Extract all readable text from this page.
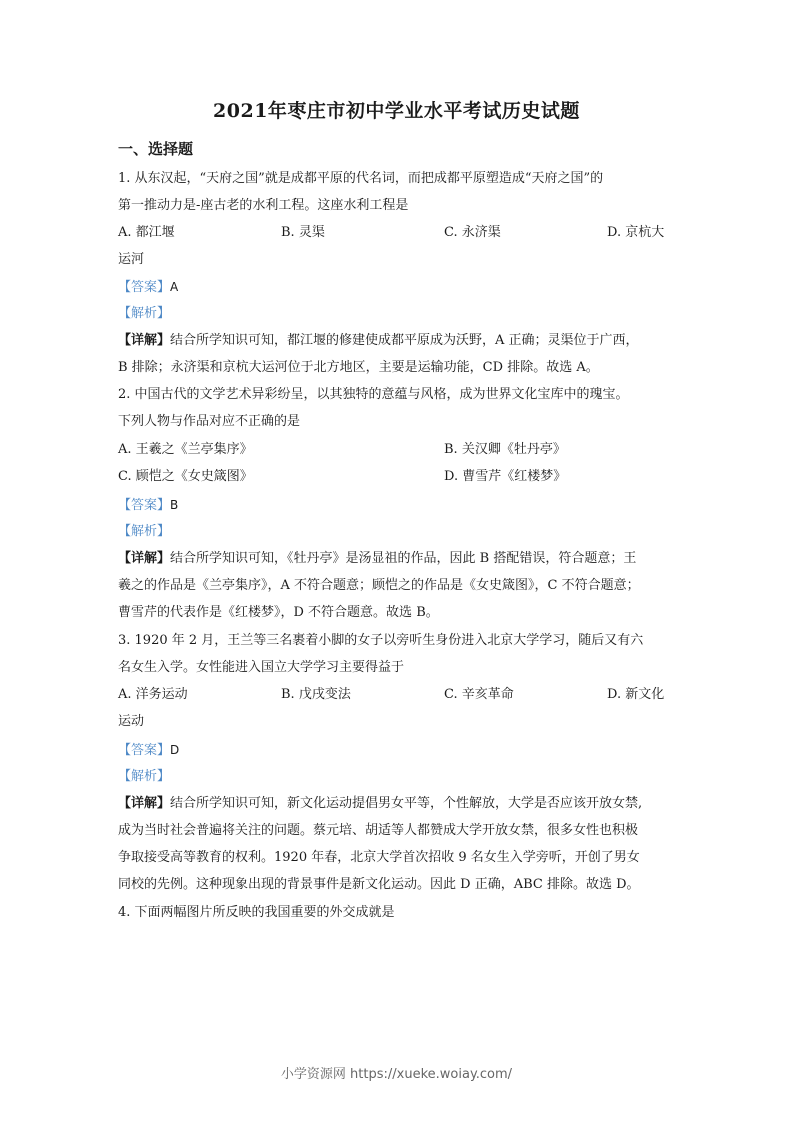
2021年枣庄市初中学业水平考试历史试题
一、选择题
1. 从东汉起，“天府之国”就是成都平原的代名词，而把成都平原塑造成“天府之国”的
第一推动力是-座古老的水利工程。这座水利工程是
A. 都江堰	B. 灵渠	C. 永济渠	D. 京杭大
运河
【答案】A
【解析】
【详解】结合所学知识可知，都江堰的修建使成都平原成为沃野，A 正确；灵渠位于广西，
B 排除；永济渠和京杭大运河位于北方地区，主要是运输功能，CD 排除。故选 A。
2. 中国古代的文学艺术异彩纷呈，以其独特的意蕴与风格，成为世界文化宝库中的瑰宝。
下列人物与作品对应不正确的是
A. 王羲之《兰亭集序》	B. 关汉卿《牡丹亭》
C. 顾恺之《女史箴图》	D. 曹雪芹《红楼梦》
【答案】B
【解析】
【详解】结合所学知识可知，《牡丹亭》是汤显祖的作品，因此 B 搭配错误，符合题意；王
羲之的作品是《兰亭集序》，A 不符合题意；顾恺之的作品是《女史箴图》，C 不符合题意；
曹雪芹的代表作是《红楼梦》，D 不符合题意。故选 B。
3. 1920 年 2 月，王兰等三名裹着小脚的女子以旁听生身份进入北京大学学习，随后又有六
名女生入学。女性能进入国立大学学习主要得益于
A. 洋务运动	B. 戊戌变法	C. 辛亥革命	D. 新文化
运动
【答案】D
【解析】
【详解】结合所学知识可知，新文化运动提倡男女平等，个性解放，大学是否应该开放女禁,
成为当时社会普遍将关注的问题。蔡元培、胡适等人都赞成大学开放女禁，很多女性也积极
争取接受高等教育的权利。1920 年春，北京大学首次招收 9 名女生入学旁听，开创了男女
同校的先例。这种现象出现的背景事件是新文化运动。因此 D 正确，ABC 排除。故选 D。
4. 下面两幅图片所反映的我国重要的外交成就是
小学资源网 https://xueke.woiay.com/
